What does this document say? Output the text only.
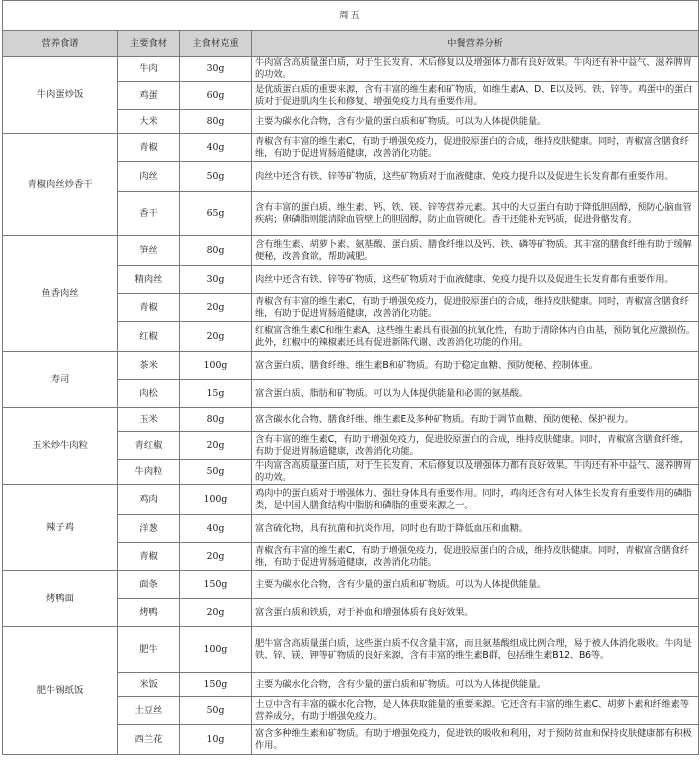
周五			
营养食谱	主要食材	主食材克重	中餐营养分析
牛肉蛋炒饭	牛肉	30g	牛肉富含高质量蛋白质，对于生长发育、术后修复以及增强体力都有良好效果。牛肉还有补中益气、滋养脾胃的功效。
	鸡蛋	60g	是优质蛋白质的重要来源，含有丰富的维生素和矿物质，如维生素A、D、E以及钙、铁、锌等。鸡蛋中的蛋白质对于促进肌肉生长和修复、增强免疫力具有重要作用。
	大米	80g	主要为碳水化合物，含有少量的蛋白质和矿物质。可以为人体提供能量。
青椒肉丝炒香干	青椒	40g	青椒含有丰富的维生素C，有助于增强免疫力，促进胶原蛋白的合成，维持皮肤健康。同时，青椒富含膳食纤维，有助于促进胃肠道健康，改善消化功能。
	肉丝	50g	肉丝中还含有铁、锌等矿物质，这些矿物质对于血液健康、免疫力提升以及促进生长发育都有重要作用。
	香干	65g	含有丰富的蛋白质、维生素、钙、铁、镁、锌等营养元素。其中的大豆蛋白有助于降低胆固醇，预防心脑血管疾病；卵磷脂则能清除血管壁上的胆固醇，防止血管硬化。香干还能补充钙质，促进骨骼发育。
鱼香肉丝	笋丝	80g	含有维生素、胡萝卜素、氨基酸、蛋白质、膳食纤维以及钙、铁、磷等矿物质。其丰富的膳食纤维有助于缓解便秘，改善食欲，帮助减肥。
	精肉丝	30g	肉丝中还含有铁、锌等矿物质，这些矿物质对于血液健康、免疫力提升以及促进生长发育都有重要作用。
	青椒	20g	青椒含有丰富的维生素C，有助于增强免疫力，促进胶原蛋白的合成，维持皮肤健康。同时，青椒富含膳食纤维，有助于促进胃肠道健康，改善消化功能。
	红椒	20g	红椒富含维生素C和维生素A，这些维生素具有很强的抗氧化性，有助于清除体内自由基，预防氧化应激损伤。此外，红椒中的辣椒素还具有促进新陈代谢、改善消化功能的作用。
寿司	茶米	100g	富含蛋白质、膳食纤维、维生素B和矿物质。有助于稳定血糖、预防便秘、控制体重。
	肉松	15g	富含蛋白质、脂肪和矿物质。可以为人体提供能量和必需的氨基酸。
玉米炒牛肉粒	玉米	80g	富含碳水化合物、膳食纤维、维生素E及多种矿物质。有助于调节血糖、预防便秘、保护视力。
	青红椒	20g	含有丰富的维生素C，有助于增强免疫力，促进胶原蛋白的合成，维持皮肤健康。同时，青椒富含膳食纤维，有助于促进胃肠道健康，改善消化功能。
	牛肉粒	50g	牛肉富含高质量蛋白质，对于生长发育、术后修复以及增强体力都有良好效果。牛肉还有补中益气、滋养脾胃的功效。
辣子鸡	鸡肉	100g	鸡肉中的蛋白质对于增强体力、强壮身体具有重要作用。同时，鸡肉还含有对人体生长发育有重要作用的磷脂类，是中国人膳食结构中脂肪和磷脂的重要来源之一。
	洋葱	40g	富含硫化物，具有抗菌和抗炎作用，同时也有助于降低血压和血糖。
	青椒	20g	青椒含有丰富的维生素C，有助于增强免疫力，促进胶原蛋白的合成，维持皮肤健康。同时，青椒富含膳食纤维，有助于促进胃肠道健康，改善消化功能。
烤鸭面	面条	150g	主要为碳水化合物，含有少量的蛋白质和矿物质。可以为人体提供能量。
	烤鸭	20g	富含蛋白质和铁质，对于补血和增强体质有良好效果。
肥牛锡纸饭	肥牛	100g	肥牛富含高质量蛋白质，这些蛋白质不仅含量丰富，而且氨基酸组成比例合理，易于被人体消化吸收。牛肉是铁、锌、镁、钾等矿物质的良好来源，含有丰富的维生素B群，包括维生素B12、B6等。
	米饭	150g	主要为碳水化合物，含有少量的蛋白质和矿物质。可以为人体提供能量。
	土豆丝	50g	土豆中含有丰富的碳水化合物，是人体获取能量的重要来源。它还含有丰富的维生素C、胡萝卜素和纤维素等营养成分，有助于增强免疫力。
	西兰花	10g	富含多种维生素和矿物质。有助于增强免疫力，促进铁的吸收和利用，对于预防贫血和保持皮肤健康都有积极作用。
